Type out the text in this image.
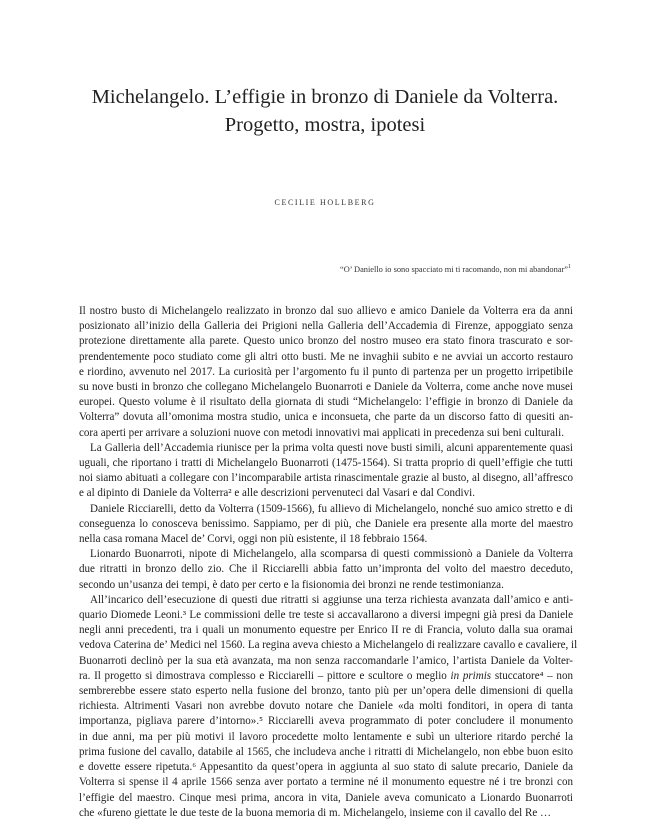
Michelangelo. L’effigie in bronzo di Daniele da Volterra.
Progetto, mostra, ipotesi

CECILIE HOLLBERG

“O’ Daniello io sono spacciato mi ti racomando, non mi abandonar”$^1$

Il nostro busto di Michelangelo realizzato in bronzo dal suo allievo e amico Daniele da Volterra era da anni
posizionato all’inizio della Galleria dei Prigioni nella Galleria dell’Accademia di Firenze, appoggiato senza
protezione direttamente alla parete. Questo unico bronzo del nostro museo era stato finora trascurato e sor-
prendentemente poco studiato come gli altri otto busti. Me ne invaghii subito e ne avviai un accorto restauro
e riordino, avvenuto nel 2017. La curiosità per l’argomento fu il punto di partenza per un progetto irripetibile
su nove busti in bronzo che collegano Michelangelo Buonarroti e Daniele da Volterra, come anche nove musei
europei. Questo volume è il risultato della giornata di studi “Michelangelo: l’effigie in bronzo di Daniele da
Volterra” dovuta all’omonima mostra studio, unica e inconsueta, che parte da un discorso fatto di quesiti an-
cora aperti per arrivare a soluzioni nuove con metodi innovativi mai applicati in precedenza sui beni culturali.

La Galleria dell’Accademia riunisce per la prima volta questi nove busti simili, alcuni apparentemente quasi
uguali, che riportano i tratti di Michelangelo Buonarroti (1475-1564). Si tratta proprio di quell’effigie che tutti
noi siamo abituati a collegare con l’incomparabile artista rinascimentale grazie al busto, al disegno, all’affresco
e al dipinto di Daniele da Volterra² e alle descrizioni pervenuteci dal Vasari e dal Condivi.

Daniele Ricciarelli, detto da Volterra (1509-1566), fu allievo di Michelangelo, nonché suo amico stretto e di
conseguenza lo conosceva benissimo. Sappiamo, per di più, che Daniele era presente alla morte del maestro
nella casa romana Macel de’ Corvi, oggi non più esistente, il 18 febbraio 1564.

Lionardo Buonarroti, nipote di Michelangelo, alla scomparsa di questi commissionò a Daniele da Volterra
due ritratti in bronzo dello zio. Che il Ricciarelli abbia fatto un’impronta del volto del maestro deceduto,
secondo un’usanza dei tempi, è dato per certo e la fisionomia dei bronzi ne rende testimonianza.

All’incarico dell’esecuzione di questi due ritratti si aggiunse una terza richiesta avanzata dall’amico e anti-
quario Diomede Leoni.³ Le commissioni delle tre teste si accavallarono a diversi impegni già presi da Daniele
negli anni precedenti, tra i quali un monumento equestre per Enrico II re di Francia, voluto dalla sua oramai
vedova Caterina de’ Medici nel 1560. La regina aveva chiesto a Michelangelo di realizzare cavallo e cavaliere, il
Buonarroti declinò per la sua età avanzata, ma non senza raccomandarle l’amico, l’artista Daniele da Volter-
ra. Il progetto si dimostrava complesso e Ricciarelli – pittore e scultore o meglio in primis stuccatore⁴ – non
sembrerebbe essere stato esperto nella fusione del bronzo, tanto più per un’opera delle dimensioni di quella
richiesta. Altrimenti Vasari non avrebbe dovuto notare che Daniele «da molti fonditori, in opera di tanta
importanza, pigliava parere d’intorno».⁵ Ricciarelli aveva programmato di poter concludere il monumento
in due anni, ma per più motivi il lavoro procedette molto lentamente e subì un ulteriore ritardo perché la
prima fusione del cavallo, databile al 1565, che includeva anche i ritratti di Michelangelo, non ebbe buon esito
e dovette essere ripetuta.⁶ Appesantito da quest’opera in aggiunta al suo stato di salute precario, Daniele da
Volterra si spense il 4 aprile 1566 senza aver portato a termine né il monumento equestre né i tre bronzi con
l’effigie del maestro. Cinque mesi prima, ancora in vita, Daniele aveva comunicato a Lionardo Buonarroti
che «fureno giettate le due teste de la buona memoria di m. Michelangelo, insieme con il cavallo del Re …
